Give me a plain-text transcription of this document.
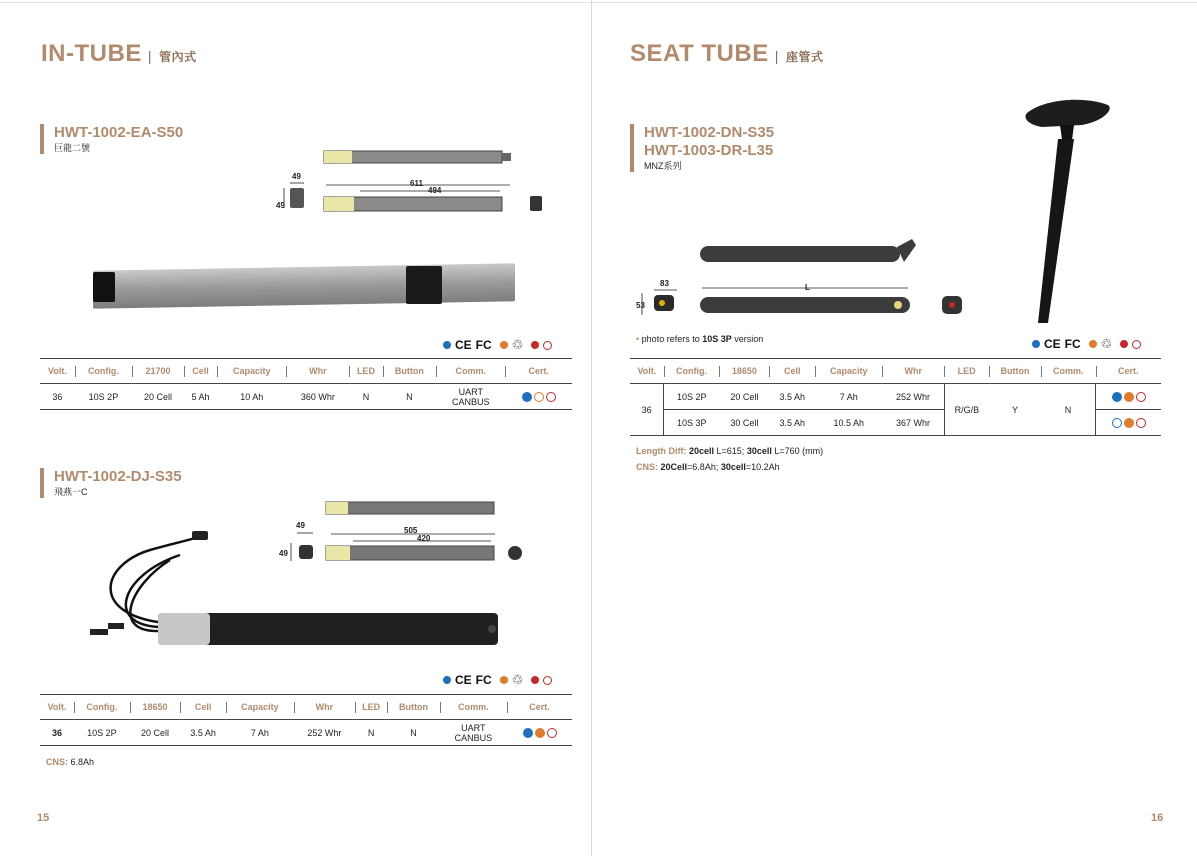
IN-TUBE | 管內式
HWT-1002-EA-S50
巨龍二號
49
49
611
494
CE FC ♲
Volt.	Config.	21700	Cell	Capacity	Whr	LED	Button	Comm.	Cert.
36	10S 2P	20 Cell	5 Ah	10 Ah	360 Whr	N	N	UART
CANBUS	
HWT-1002-DJ-S35
飛燕一C
49
49
505
420
CE FC ♲
Volt.	Config.	18650	Cell	Capacity	Whr	LED	Button	Comm.	Cert.
36	10S 2P	20 Cell	3.5 Ah	7 Ah	252 Whr	N	N	UART
CANBUS	
CNS: 6.8Ah
15
SEAT TUBE | 座管式
HWT-1002-DN-S35
HWT-1003-DR-L35
MNZ系列
83
53
L
• photo refers to 10S 3P version	CE FC ♲
Volt.	Config.	18650	Cell	Capacity	Whr	LED	Button	Comm.	Cert.
36	10S 2P	20 Cell	3.5 Ah	7 Ah	252 Whr	R/G/B	Y	N	
	10S 3P	30 Cell	3.5 Ah	10.5 Ah	367 Whr				
Length Diff: 20cell L=615; 30cell L=760 (mm)
CNS: 20Cell=6.8Ah; 30cell=10.2Ah
16
